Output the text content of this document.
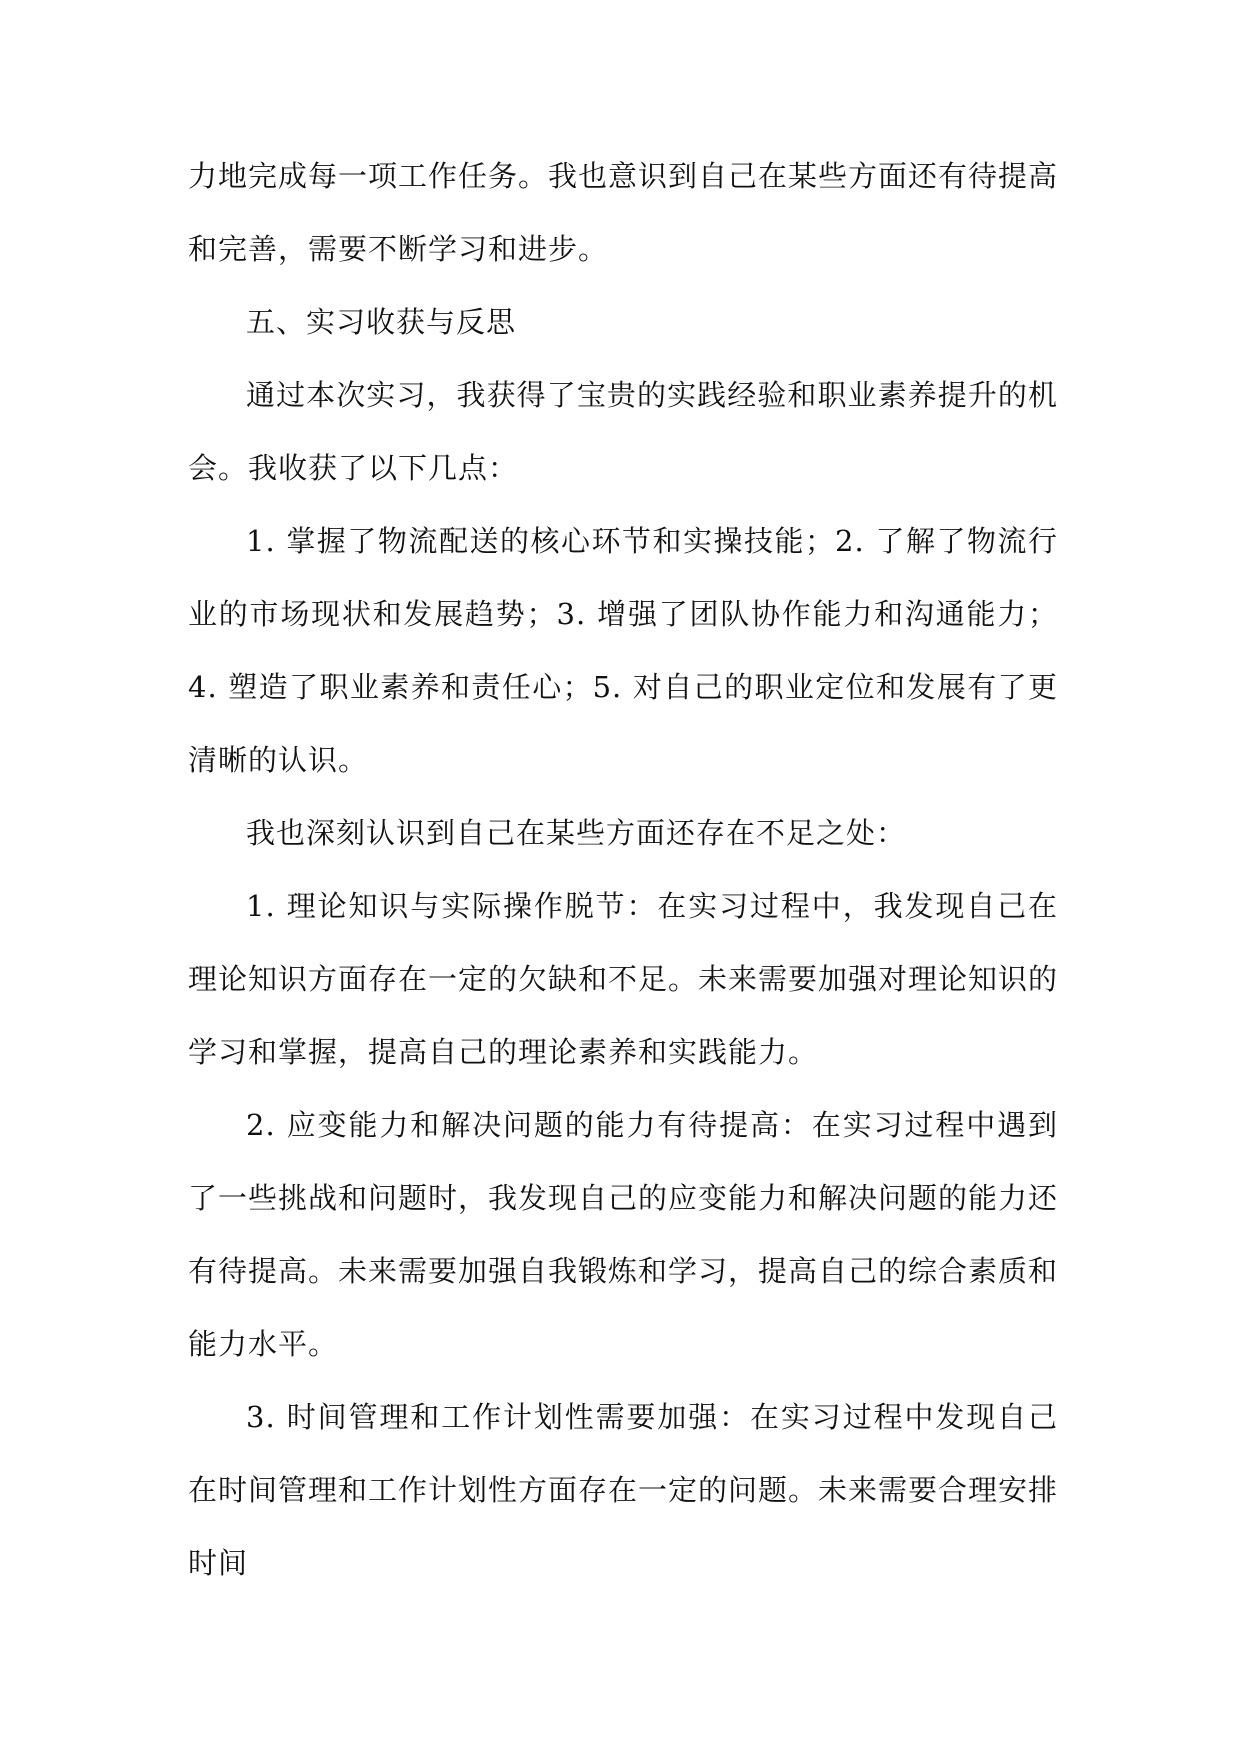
力地完成每一项工作任务。我也意识到自己在某些方面还有待提高和完善，需要不断学习和进步。

五、实习收获与反思

通过本次实习，我获得了宝贵的实践经验和职业素养提升的机会。我收获了以下几点：

1. 掌握了物流配送的核心环节和实操技能；2. 了解了物流行业的市场现状和发展趋势；3. 增强了团队协作能力和沟通能力；4. 塑造了职业素养和责任心；5. 对自己的职业定位和发展有了更清晰的认识。

我也深刻认识到自己在某些方面还存在不足之处：

1. 理论知识与实际操作脱节：在实习过程中，我发现自己在理论知识方面存在一定的欠缺和不足。未来需要加强对理论知识的学习和掌握，提高自己的理论素养和实践能力。

2. 应变能力和解决问题的能力有待提高：在实习过程中遇到了一些挑战和问题时，我发现自己的应变能力和解决问题的能力还有待提高。未来需要加强自我锻炼和学习，提高自己的综合素质和能力水平。

3. 时间管理和工作计划性需要加强：在实习过程中发现自己在时间管理和工作计划性方面存在一定的问题。未来需要合理安排时间
